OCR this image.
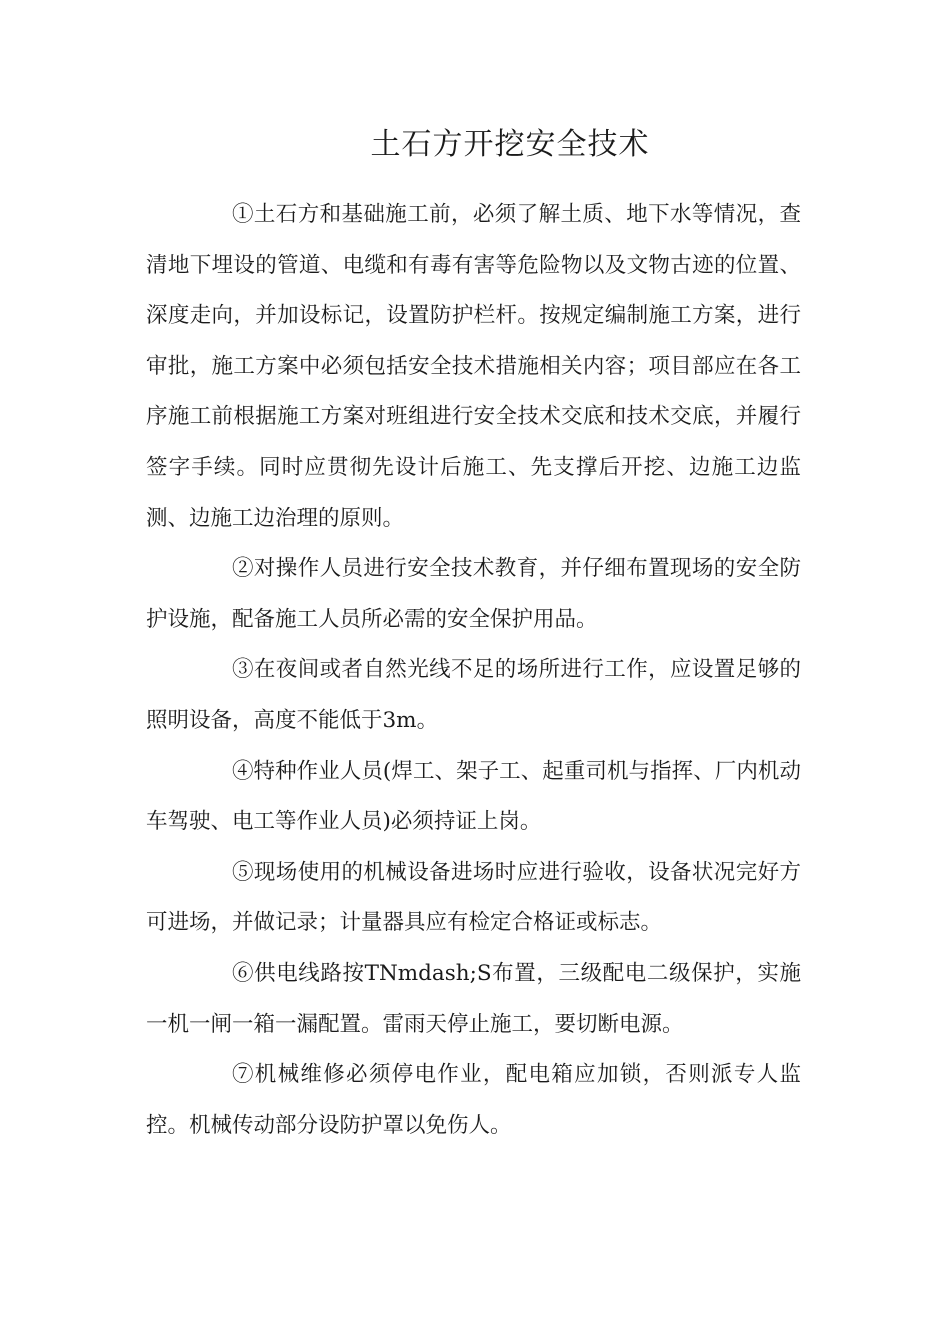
土石方开挖安全技术

①土石方和基础施工前，必须了解土质、地下水等情况，查清地下埋设的管道、电缆和有毒有害等危险物以及文物古迹的位置、深度走向，并加设标记，设置防护栏杆。按规定编制施工方案，进行审批，施工方案中必须包括安全技术措施相关内容；项目部应在各工序施工前根据施工方案对班组进行安全技术交底和技术交底，并履行签字手续。同时应贯彻先设计后施工、先支撑后开挖、边施工边监测、边施工边治理的原则。

②对操作人员进行安全技术教育，并仔细布置现场的安全防护设施，配备施工人员所必需的安全保护用品。

③在夜间或者自然光线不足的场所进行工作，应设置足够的照明设备，高度不能低于3m。

④特种作业人员(焊工、架子工、起重司机与指挥、厂内机动车驾驶、电工等作业人员)必须持证上岗。

⑤现场使用的机械设备进场时应进行验收，设备状况完好方可进场，并做记录；计量器具应有检定合格证或标志。

⑥供电线路按TNmdash;S布置，三级配电二级保护，实施一机一闸一箱一漏配置。雷雨天停止施工，要切断电源。

⑦机械维修必须停电作业，配电箱应加锁，否则派专人监控。机械传动部分设防护罩以免伤人。
